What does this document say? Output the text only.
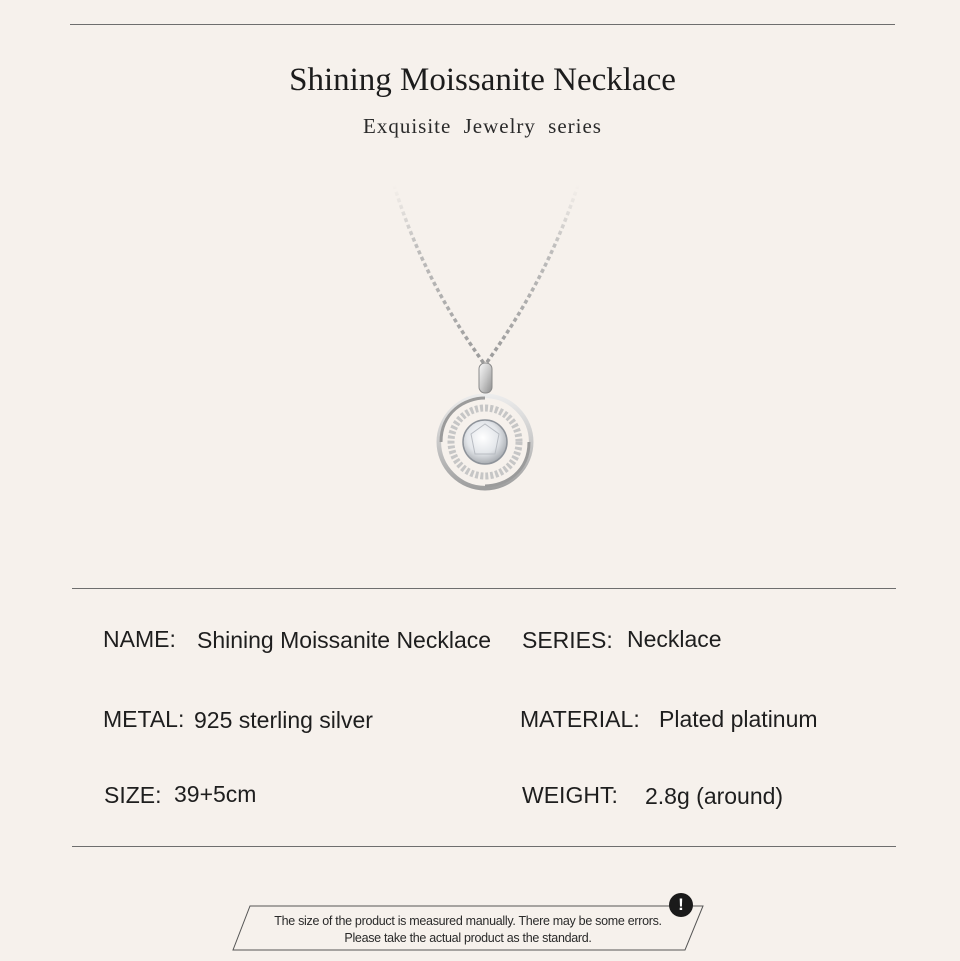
Shining Moissanite Necklace
Exquisite Jewelry series
NAME: Shining Moissanite Necklace SERIES: Necklace
METAL: 925 sterling silver	MATERIAL: Plated platinum
SIZE: 39+5cm	WEIGHT: 2.8g (around)
The size of the product is measured manually. There may be some errors.
Please take the actual product as the standard.
!
